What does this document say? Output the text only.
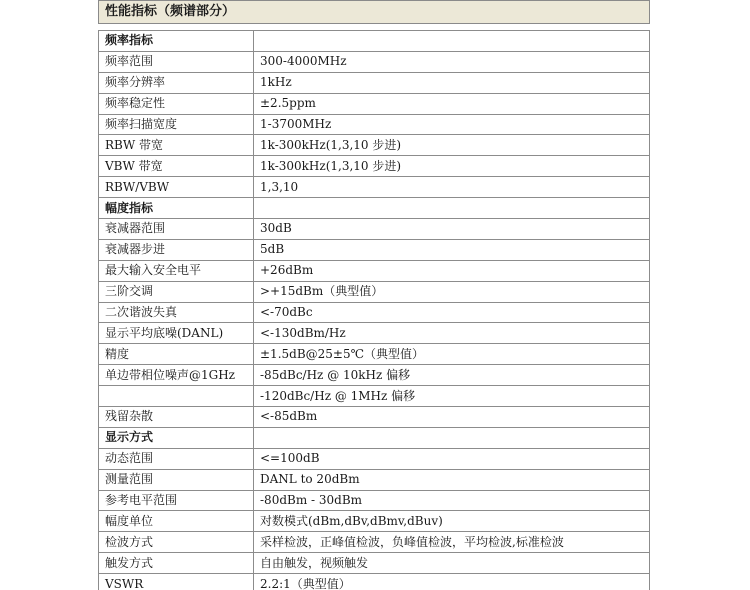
性能指标（频谱部分）
频率指标	
频率范围	300-4000MHz
频率分辨率	1kHz
频率稳定性	±2.5ppm
频率扫描宽度	1-3700MHz
RBW 带宽	1k-300kHz(1,3,10 步进)
VBW 带宽	1k-300kHz(1,3,10 步进)
RBW/VBW	1,3,10
幅度指标	
衰减器范围	30dB
衰减器步进	5dB
最大输入安全电平	+26dBm
三阶交调	>+15dBm（典型值）
二次谐波失真	<-70dBc
显示平均底噪(DANL)	<-130dBm/Hz
精度	±1.5dB@25±5℃（典型值）
单边带相位噪声@1GHz	-85dBc/Hz @ 10kHz 偏移
	-120dBc/Hz @ 1MHz 偏移
残留杂散	<-85dBm
显示方式	
动态范围	<=100dB
测量范围	DANL to 20dBm
参考电平范围	-80dBm - 30dBm
幅度单位	对数模式(dBm,dBv,dBmv,dBuv)
检波方式	采样检波，正峰值检波，负峰值检波，平均检波,标准检波
触发方式	自由触发，视频触发
VSWR	2.2:1（典型值）
